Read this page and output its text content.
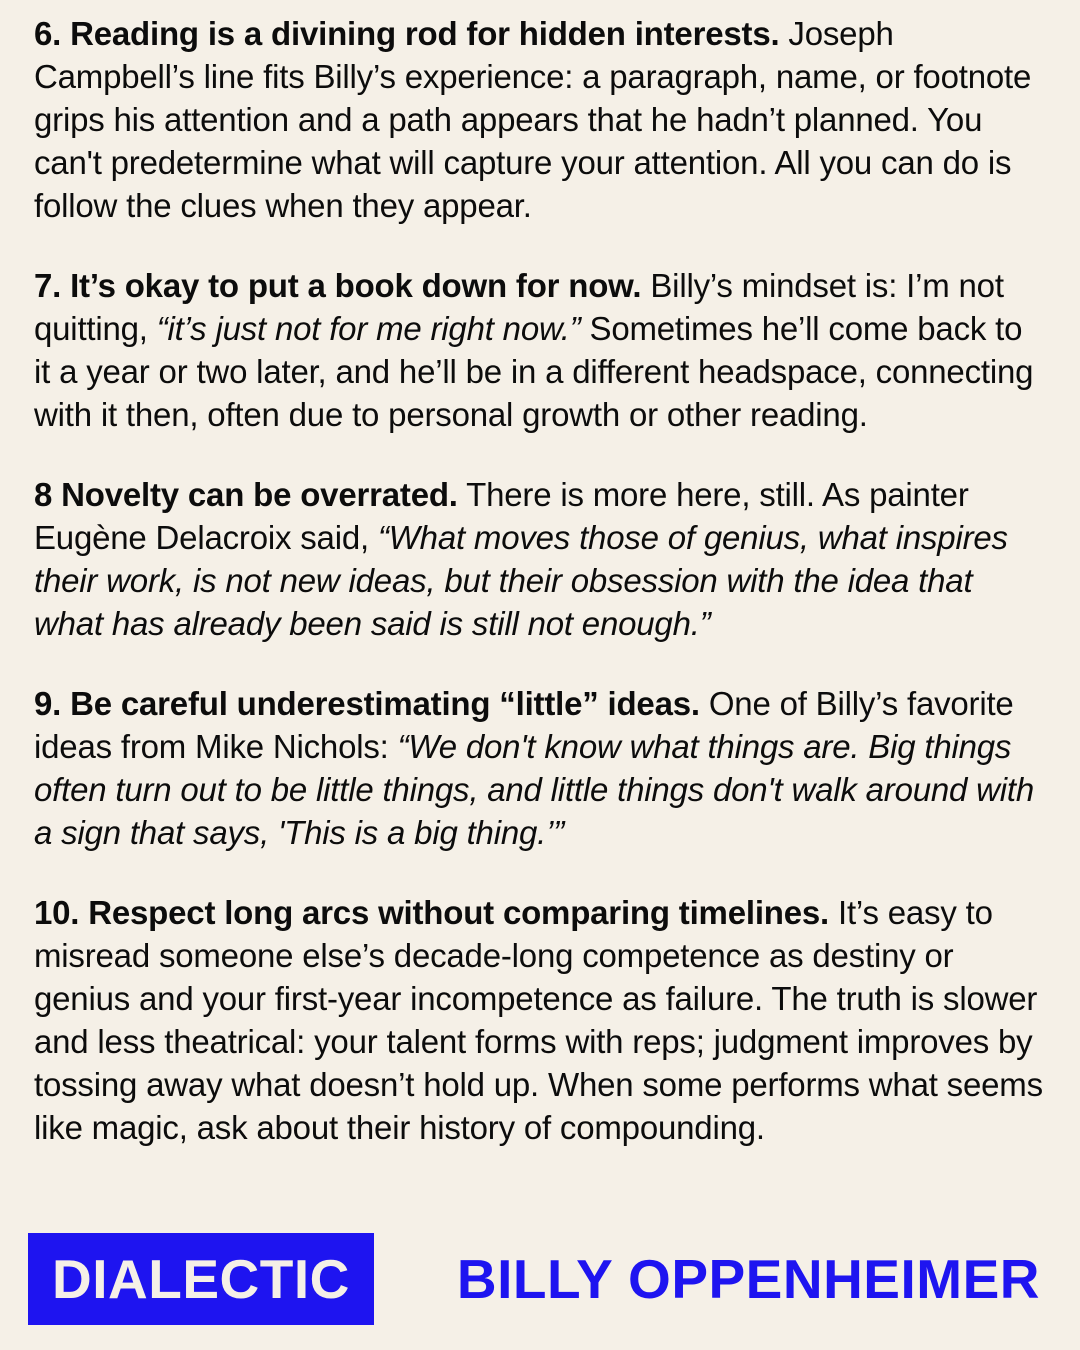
6. Reading is a divining rod for hidden interests. Joseph Campbell’s line fits Billy’s experience: a paragraph, name, or footnote grips his attention and a path appears that he hadn’t planned. You can't predetermine what will capture your attention. All you can do is follow the clues when they appear.

7. It’s okay to put a book down for now. Billy’s mindset is: I’m not quitting, “it’s just not for me right now.” Sometimes he’ll come back to it a year or two later, and he’ll be in a different headspace, connecting with it then, often due to personal growth or other reading.

8 Novelty can be overrated. There is more here, still. As painter Eugène Delacroix said, “What moves those of genius, what inspires their work, is not new ideas, but their obsession with the idea that what has already been said is still not enough.”

9. Be careful underestimating “little” ideas. One of Billy’s favorite ideas from Mike Nichols: “We don't know what things are. Big things often turn out to be little things, and little things don't walk around with a sign that says, 'This is a big thing.’”

10. Respect long arcs without comparing timelines. It’s easy to misread someone else’s decade-long competence as destiny or genius and your first-year incompetence as failure. The truth is slower and less theatrical: your talent forms with reps; judgment improves by tossing away what doesn’t hold up. When some performs what seems like magic, ask about their history of compounding.

DIALECTIC	BILLY OPPENHEIMER
